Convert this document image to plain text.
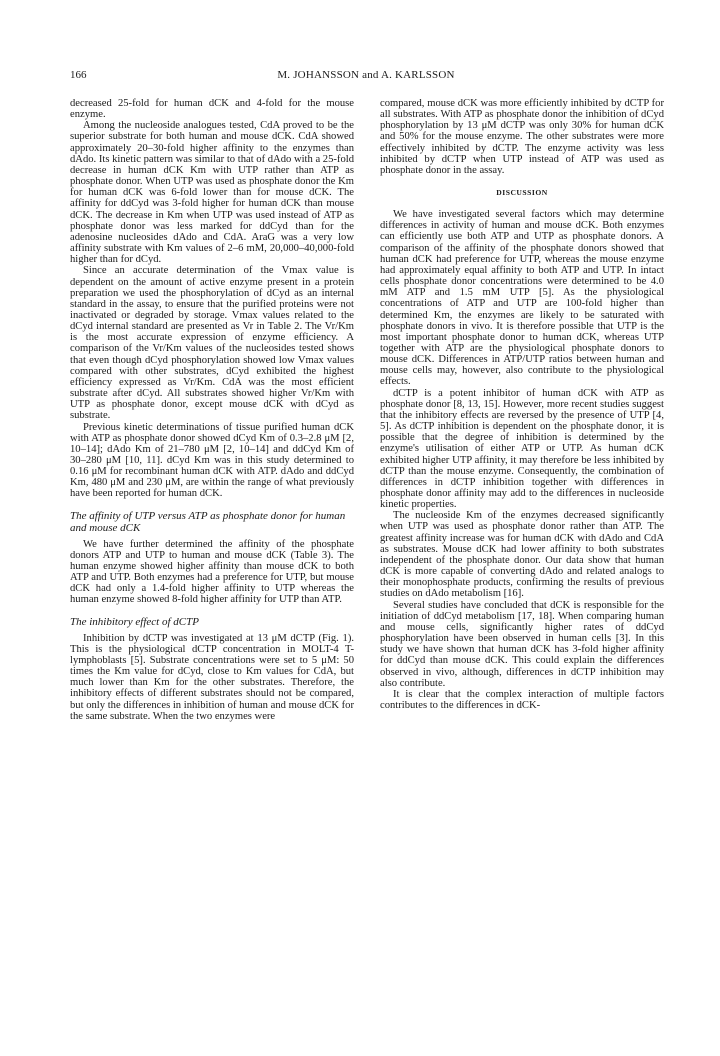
166	M. JOHANSSON and A. KARLSSON

decreased 25-fold for human dCK and 4-fold for the mouse enzyme.

Among the nucleoside analogues tested, CdA proved to be the superior substrate for both human and mouse dCK. CdA showed approximately 20–30-fold higher affinity to the enzymes than dAdo. Its kinetic pattern was similar to that of dAdo with a 25-fold decrease in human dCK Km with UTP rather than ATP as phosphate donor. When UTP was used as phosphate donor the Km for human dCK was 6-fold lower than for mouse dCK. The affinity for ddCyd was 3-fold higher for human dCK than mouse dCK. The decrease in Km when UTP was used instead of ATP as phosphate donor was less marked for ddCyd than for the adenosine nucleosides dAdo and CdA. AraG was a very low affinity substrate with Km values of 2–6 mM, 20,000–40,000-fold higher than for dCyd.

Since an accurate determination of the Vmax value is dependent on the amount of active enzyme present in a protein preparation we used the phosphorylation of dCyd as an internal standard in the assay, to ensure that the purified proteins were not inactivated or degraded by storage. Vmax values related to the dCyd internal standard are presented as Vr in Table 2. The Vr/Km is the most accurate expression of enzyme efficiency. A comparison of the Vr/Km values of the nucleosides tested shows that even though dCyd phosphorylation showed low Vmax values compared with other substrates, dCyd exhibited the highest efficiency expressed as Vr/Km. CdA was the most efficient substrate after dCyd. All substrates showed higher Vr/Km with UTP as phosphate donor, except mouse dCK with dCyd as substrate.

Previous kinetic determinations of tissue purified human dCK with ATP as phosphate donor showed dCyd Km of 0.3–2.8 μM [2, 10–14]; dAdo Km of 21–780 μM [2, 10–14] and ddCyd Km of 30–280 μM [10, 11]. dCyd Km was in this study determined to 0.16 μM for recombinant human dCK with ATP. dAdo and ddCyd Km, 480 μM and 230 μM, are within the range of what previously have been reported for human dCK.

The affinity of UTP versus ATP as phosphate donor for human and mouse dCK

We have further determined the affinity of the phosphate donors ATP and UTP to human and mouse dCK (Table 3). The human enzyme showed higher affinity than mouse dCK to both ATP and UTP. Both enzymes had a preference for UTP, but mouse dCK had only a 1.4-fold higher affinity to UTP whereas the human enzyme showed 8-fold higher affinity for UTP than ATP.

The inhibitory effect of dCTP

Inhibition by dCTP was investigated at 13 μM dCTP (Fig. 1). This is the physiological dCTP concentration in MOLT-4 T-lymphoblasts [5]. Substrate concentrations were set to 5 μM: 50 times the Km value for dCyd, close to Km values for CdA, but much lower than Km for the other substrates. Therefore, the inhibitory effects of different substrates should not be compared, but only the differences in inhibition of human and mouse dCK for the same substrate. When the two enzymes were

compared, mouse dCK was more efficiently inhibited by dCTP for all substrates. With ATP as phosphate donor the inhibition of dCyd phosphorylation by 13 μM dCTP was only 30% for human dCK and 50% for the mouse enzyme. The other substrates were more effectively inhibited by dCTP. The enzyme activity was less inhibited by dCTP when UTP instead of ATP was used as phosphate donor in the assay.

DISCUSSION

We have investigated several factors which may determine differences in activity of human and mouse dCK. Both enzymes can efficiently use both ATP and UTP as phosphate donors. A comparison of the affinity of the phosphate donors showed that human dCK had preference for UTP, whereas the mouse enzyme had approximately equal affinity to both ATP and UTP. In intact cells phosphate donor concentrations were determined to be 4.0 mM ATP and 1.5 mM UTP [5]. As the physiological concentrations of ATP and UTP are 100-fold higher than determined Km, the enzymes are likely to be saturated with phosphate donors in vivo. It is therefore possible that UTP is the most important phosphate donor to human dCK, whereas UTP together with ATP are the physiological phosphate donors to mouse dCK. Differences in ATP/UTP ratios between human and mouse cells may, however, also contribute to the physiological effects.

dCTP is a potent inhibitor of human dCK with ATP as phosphate donor [8, 13, 15]. However, more recent studies suggest that the inhibitory effects are reversed by the presence of UTP [4, 5]. As dCTP inhibition is dependent on the phosphate donor, it is possible that the degree of inhibition is determined by the enzyme's utilisation of either ATP or UTP. As human dCK exhibited higher UTP affinity, it may therefore be less inhibited by dCTP than the mouse enzyme. Consequently, the combination of differences in dCTP inhibition together with differences in phosphate donor affinity may add to the differences in nucleoside kinetic properties.

The nucleoside Km of the enzymes decreased significantly when UTP was used as phosphate donor rather than ATP. The greatest affinity increase was for human dCK with dAdo and CdA as substrates. Mouse dCK had lower affinity to both substrates independent of the phosphate donor. Our data show that human dCK is more capable of converting dAdo and related analogs to their monophosphate products, confirming the results of previous studies on dAdo metabolism [16].

Several studies have concluded that dCK is responsible for the initiation of ddCyd metabolism [17, 18]. When comparing human and mouse cells, significantly higher rates of ddCyd phosphorylation have been observed in human cells [3]. In this study we have shown that human dCK has 3-fold higher affinity for ddCyd than mouse dCK. This could explain the differences observed in vivo, although, differences in dCTP inhibition may also contribute.

It is clear that the complex interaction of multiple factors contributes to the differences in dCK-
